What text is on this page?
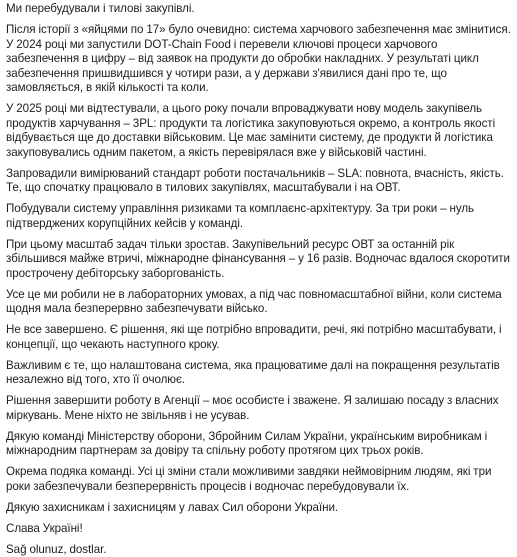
Ми перебудували і тилові закупівлі.

Після історії з «яйцями по 17» було очевидно: система харчового забезпечення має змінитися. У 2024 році ми запустили DOT-Chain Food і перевели ключові процеси харчового забезпечення в цифру – від заявок на продукти до обробки накладних. У результаті цикл забезпечення пришвидшився у чотири рази, а у держави з'явилися дані про те, що замовляється, в якій кількості та коли.

У 2025 році ми відтестували, а цього року почали впроваджувати нову модель закупівель продуктів харчування – 3PL: продукти та логістика закуповуються окремо, а контроль якості відбувається ще до доставки військовим. Це має замінити систему, де продукти й логістика закуповувались одним пакетом, а якість перевірялася вже у військовій частині.

Запровадили вимірюваний стандарт роботи постачальників – SLA: повнота, вчасність, якість. Те, що спочатку працювало в тилових закупівлях, масштабували і на ОВТ.

Побудували систему управління ризиками та комплаєнс-архітектуру. За три роки – нуль підтверджених корупційних кейсів у команді.

При цьому масштаб задач тільки зростав. Закупівельний ресурс ОВТ за останній рік збільшився майже втричі, міжнародне фінансування – у 16 разів. Водночас вдалося скоротити прострочену дебіторську заборгованість.

Усе це ми робили не в лабораторних умовах, а під час повномасштабної війни, коли система щодня мала безперервно забезпечувати військо.

Не все завершено. Є рішення, які ще потрібно впровадити, речі, які потрібно масштабувати, і концепції, що чекають наступного кроку.

Важливим є те, що налаштована система, яка працюватиме далі на покращення результатів незалежно від того, хто її очолює.

Рішення завершити роботу в Агенції – моє особисте і зважене. Я залишаю посаду з власних міркувань. Мене ніхто не звільняв і не усував.

Дякую команді Міністерству оборони, Збройним Силам України, українським виробникам і міжнародним партнерам за довіру та спільну роботу протягом цих трьох років.

Окрема подяка команді. Усі ці зміни стали можливими завдяки неймовірним людям, які три роки забезпечували безперервність процесів і водночас перебудовували їх.

Дякую захисникам і захисницям у лавах Сил оборони України.

Слава Україні!

Sağ olunuz, dostlar.
